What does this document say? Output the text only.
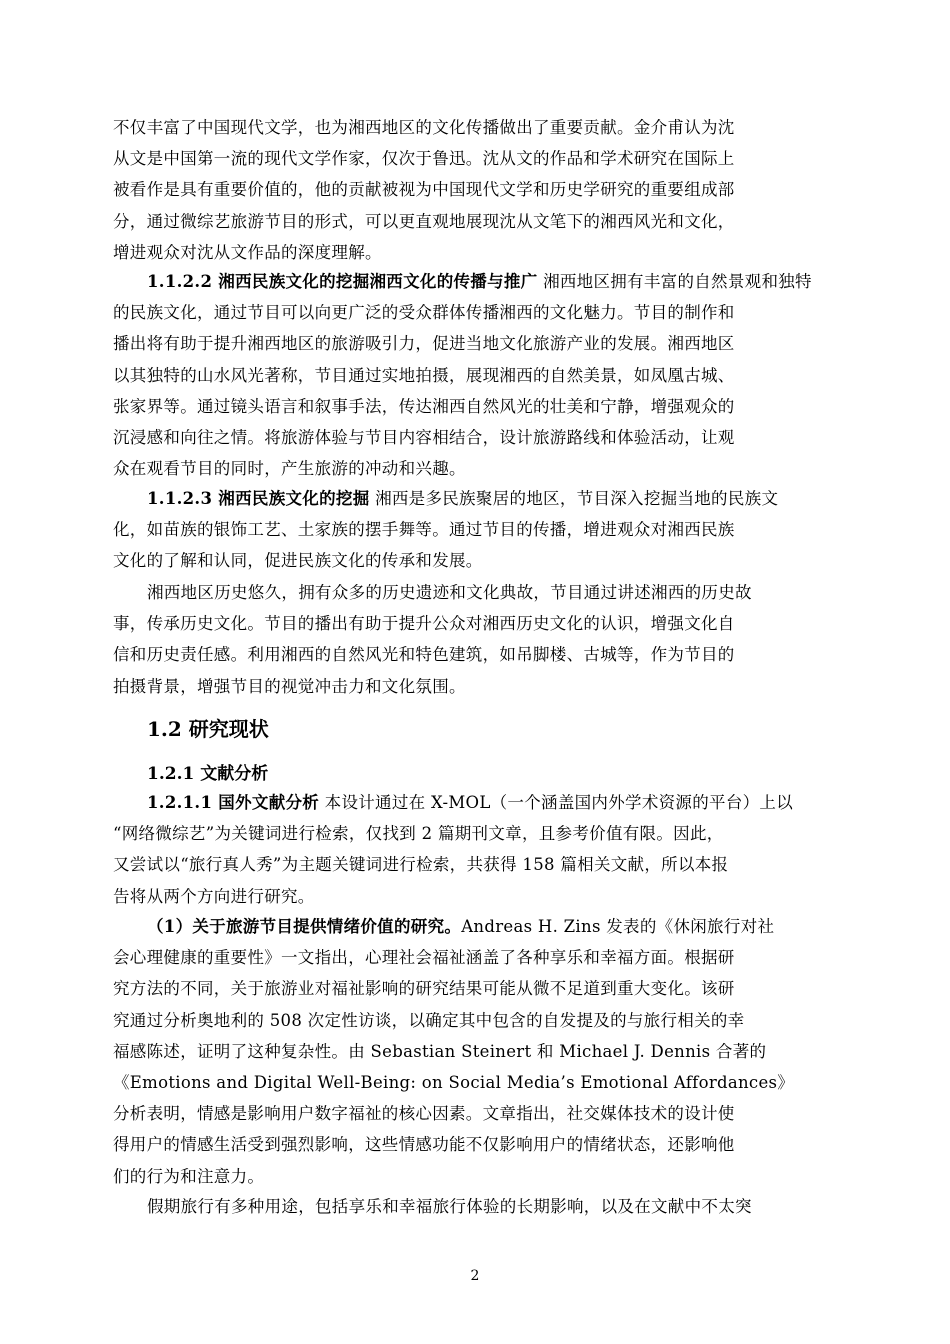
不仅丰富了中国现代文学，也为湘西地区的文化传播做出了重要贡献。金介甫认为沈
从文是中国第一流的现代文学作家，仅次于鲁迅。沈从文的作品和学术研究在国际上
被看作是具有重要价值的，他的贡献被视为中国现代文学和历史学研究的重要组成部
分，通过微综艺旅游节目的形式，可以更直观地展现沈从文笔下的湘西风光和文化，
增进观众对沈从文作品的深度理解。
1.1.2.2 湘西民族文化的挖掘湘西文化的传播与推广 湘西地区拥有丰富的自然景观和独特
的民族文化，通过节目可以向更广泛的受众群体传播湘西的文化魅力。节目的制作和
播出将有助于提升湘西地区的旅游吸引力，促进当地文化旅游产业的发展。湘西地区
以其独特的山水风光著称，节目通过实地拍摄，展现湘西的自然美景，如凤凰古城、
张家界等。通过镜头语言和叙事手法，传达湘西自然风光的壮美和宁静，增强观众的
沉浸感和向往之情。将旅游体验与节目内容相结合，设计旅游路线和体验活动，让观
众在观看节目的同时，产生旅游的冲动和兴趣。
1.1.2.3 湘西民族文化的挖掘 湘西是多民族聚居的地区，节目深入挖掘当地的民族文
化，如苗族的银饰工艺、土家族的摆手舞等。通过节目的传播，增进观众对湘西民族
文化的了解和认同，促进民族文化的传承和发展。
湘西地区历史悠久，拥有众多的历史遗迹和文化典故，节目通过讲述湘西的历史故
事，传承历史文化。节目的播出有助于提升公众对湘西历史文化的认识，增强文化自
信和历史责任感。利用湘西的自然风光和特色建筑，如吊脚楼、古城等，作为节目的
拍摄背景，增强节目的视觉冲击力和文化氛围。
1.2 研究现状
1.2.1 文献分析
1.2.1.1 国外文献分析 本设计通过在 X-MOL（一个涵盖国内外学术资源的平台）上以
“网络微综艺”为关键词进行检索，仅找到 2 篇期刊文章，且参考价值有限。因此，
又尝试以“旅行真人秀”为主题关键词进行检索，共获得 158 篇相关文献，所以本报
告将从两个方向进行研究。
（1）关于旅游节目提供情绪价值的研究。Andreas H. Zins 发表的《休闲旅行对社
会心理健康的重要性》一文指出，心理社会福祉涵盖了各种享乐和幸福方面。根据研
究方法的不同，关于旅游业对福祉影响的研究结果可能从微不足道到重大变化。该研
究通过分析奥地利的 508 次定性访谈，以确定其中包含的自发提及的与旅行相关的幸
福感陈述，证明了这种复杂性。由 Sebastian Steinert 和 Michael J. Dennis 合著的
《Emotions and Digital Well-Being: on Social Media’s Emotional Affordances》
分析表明，情感是影响用户数字福祉的核心因素。文章指出，社交媒体技术的设计使
得用户的情感生活受到强烈影响，这些情感功能不仅影响用户的情绪状态，还影响他
们的行为和注意力。
假期旅行有多种用途，包括享乐和幸福旅行体验的长期影响，以及在文献中不太突
2
